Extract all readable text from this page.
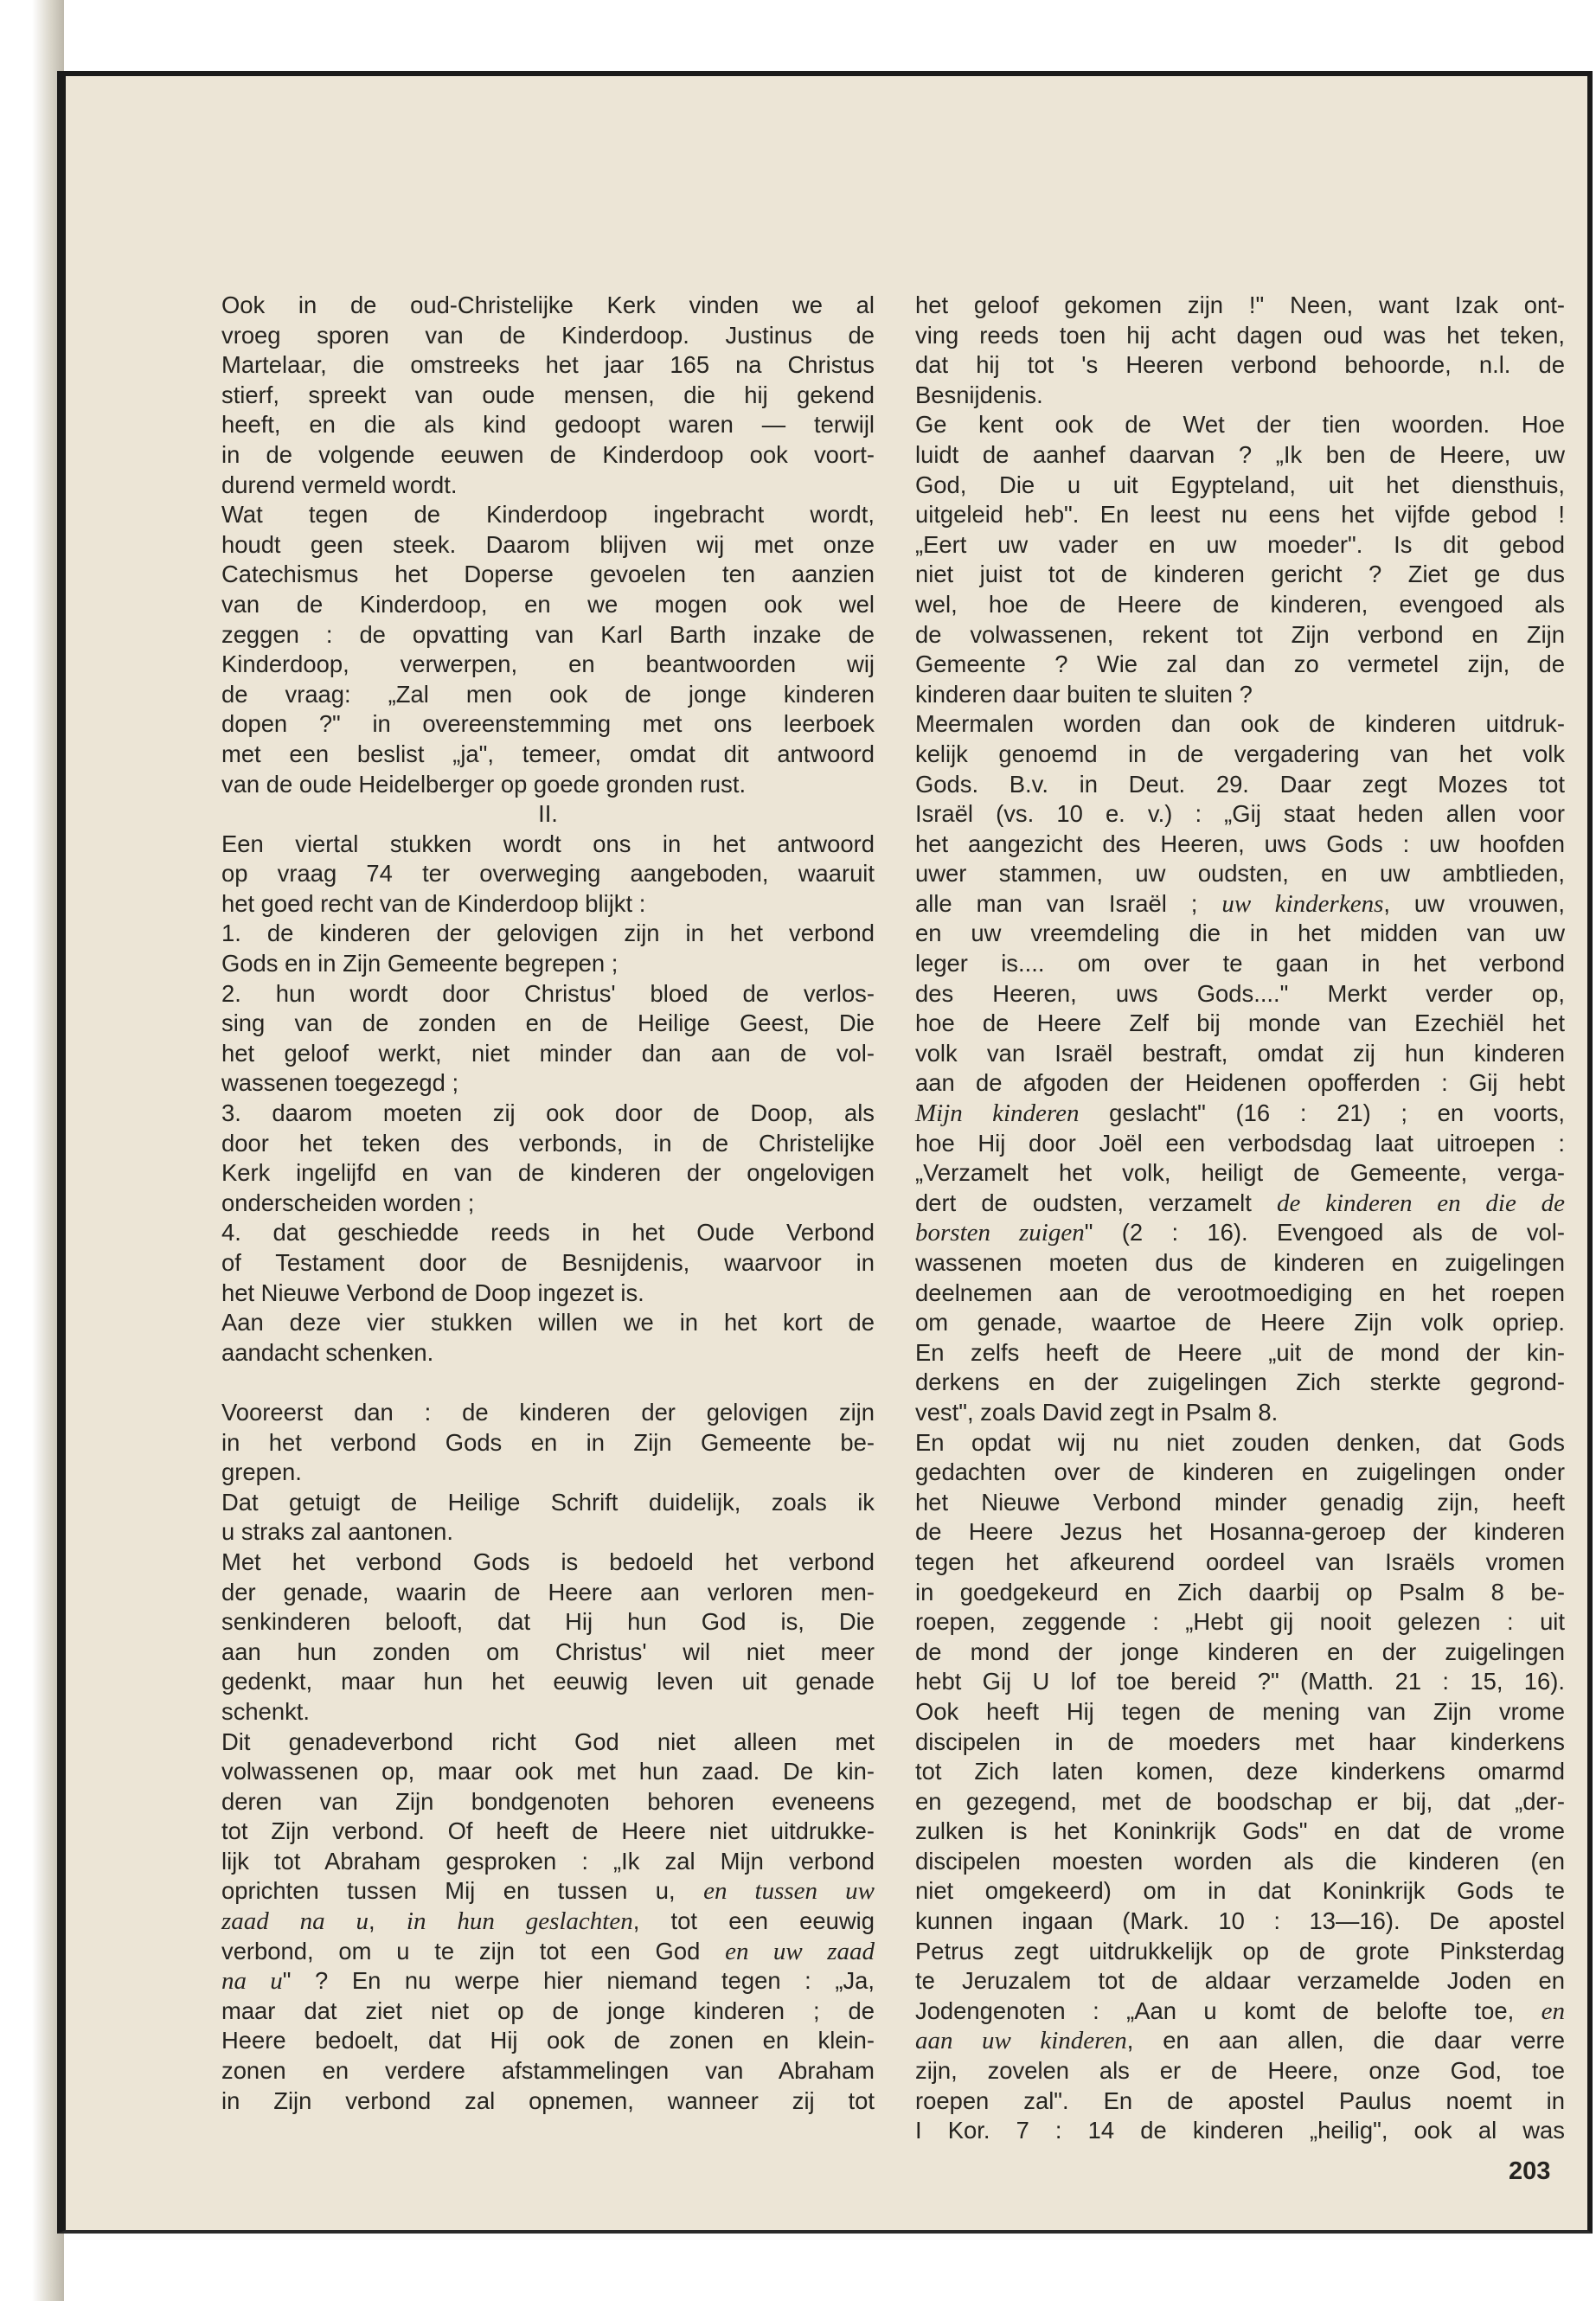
Ook in de oud-Christelijke Kerk vinden we al
vroeg sporen van de Kinderdoop. Justinus de
Martelaar, die omstreeks het jaar 165 na Christus
stierf, spreekt van oude mensen, die hij gekend
heeft, en die als kind gedoopt waren — terwijl
in de volgende eeuwen de Kinderdoop ook voort-
durend vermeld wordt.
Wat tegen de Kinderdoop ingebracht wordt,
houdt geen steek. Daarom blijven wij met onze
Catechismus het Doperse gevoelen ten aanzien
van de Kinderdoop, en we mogen ook wel
zeggen : de opvatting van Karl Barth inzake de
Kinderdoop, verwerpen, en beantwoorden wij
de vraag: „Zal men ook de jonge kinderen
dopen ?" in overeenstemming met ons leerboek
met een beslist „ja", temeer, omdat dit antwoord
van de oude Heidelberger op goede gronden rust.
II.
Een viertal stukken wordt ons in het antwoord
op vraag 74 ter overweging aangeboden, waaruit
het goed recht van de Kinderdoop blijkt :
1. de kinderen der gelovigen zijn in het verbond
Gods en in Zijn Gemeente begrepen ;
2. hun wordt door Christus' bloed de verlos-
sing van de zonden en de Heilige Geest, Die
het geloof werkt, niet minder dan aan de vol-
wassenen toegezegd ;
3. daarom moeten zij ook door de Doop, als
door het teken des verbonds, in de Christelijke
Kerk ingelijfd en van de kinderen der ongelovigen
onderscheiden worden ;
4. dat geschiedde reeds in het Oude Verbond
of Testament door de Besnijdenis, waarvoor in
het Nieuwe Verbond de Doop ingezet is.
Aan deze vier stukken willen we in het kort de
aandacht schenken.
Vooreerst dan : de kinderen der gelovigen zijn
in het verbond Gods en in Zijn Gemeente be-
grepen.
Dat getuigt de Heilige Schrift duidelijk, zoals ik
u straks zal aantonen.
Met het verbond Gods is bedoeld het verbond
der genade, waarin de Heere aan verloren men-
senkinderen belooft, dat Hij hun God is, Die
aan hun zonden om Christus' wil niet meer
gedenkt, maar hun het eeuwig leven uit genade
schenkt.
Dit genadeverbond richt God niet alleen met
volwassenen op, maar ook met hun zaad. De kin-
deren van Zijn bondgenoten behoren eveneens
tot Zijn verbond. Of heeft de Heere niet uitdrukke-
lijk tot Abraham gesproken : „Ik zal Mijn verbond
oprichten tussen Mij en tussen u, en tussen uw
zaad na u, in hun geslachten, tot een eeuwig
verbond, om u te zijn tot een God en uw zaad
na u" ? En nu werpe hier niemand tegen : „Ja,
maar dat ziet niet op de jonge kinderen ; de
Heere bedoelt, dat Hij ook de zonen en klein-
zonen en verdere afstammelingen van Abraham
in Zijn verbond zal opnemen, wanneer zij tot
het geloof gekomen zijn !" Neen, want Izak ont-
ving reeds toen hij acht dagen oud was het teken,
dat hij tot 's Heeren verbond behoorde, n.l. de
Besnijdenis.
Ge kent ook de Wet der tien woorden. Hoe
luidt de aanhef daarvan ? „Ik ben de Heere, uw
God, Die u uit Egypteland, uit het diensthuis,
uitgeleid heb". En leest nu eens het vijfde gebod !
„Eert uw vader en uw moeder". Is dit gebod
niet juist tot de kinderen gericht ? Ziet ge dus
wel, hoe de Heere de kinderen, evengoed als
de volwassenen, rekent tot Zijn verbond en Zijn
Gemeente ? Wie zal dan zo vermetel zijn, de
kinderen daar buiten te sluiten ?
Meermalen worden dan ook de kinderen uitdruk-
kelijk genoemd in de vergadering van het volk
Gods. B.v. in Deut. 29. Daar zegt Mozes tot
Israël (vs. 10 e. v.) : „Gij staat heden allen voor
het aangezicht des Heeren, uws Gods : uw hoofden
uwer stammen, uw oudsten, en uw ambtlieden,
alle man van Israël ; uw kinderkens, uw vrouwen,
en uw vreemdeling die in het midden van uw
leger is.... om over te gaan in het verbond
des Heeren, uws Gods...." Merkt verder op,
hoe de Heere Zelf bij monde van Ezechiël het
volk van Israël bestraft, omdat zij hun kinderen
aan de afgoden der Heidenen opofferden : Gij hebt
Mijn kinderen geslacht" (16 : 21) ; en voorts,
hoe Hij door Joël een verbodsdag laat uitroepen :
„Verzamelt het volk, heiligt de Gemeente, verga-
dert de oudsten, verzamelt de kinderen en die de
borsten zuigen" (2 : 16). Evengoed als de vol-
wassenen moeten dus de kinderen en zuigelingen
deelnemen aan de verootmoediging en het roepen
om genade, waartoe de Heere Zijn volk opriep.
En zelfs heeft de Heere „uit de mond der kin-
derkens en der zuigelingen Zich sterkte gegrond-
vest", zoals David zegt in Psalm 8.
En opdat wij nu niet zouden denken, dat Gods
gedachten over de kinderen en zuigelingen onder
het Nieuwe Verbond minder genadig zijn, heeft
de Heere Jezus het Hosanna-geroep der kinderen
tegen het afkeurend oordeel van Israëls vromen
in goedgekeurd en Zich daarbij op Psalm 8 be-
roepen, zeggende : „Hebt gij nooit gelezen : uit
de mond der jonge kinderen en der zuigelingen
hebt Gij U lof toe bereid ?" (Matth. 21 : 15, 16).
Ook heeft Hij tegen de mening van Zijn vrome
discipelen in de moeders met haar kinderkens
tot Zich laten komen, deze kinderkens omarmd
en gezegend, met de boodschap er bij, dat „der-
zulken is het Koninkrijk Gods" en dat de vrome
discipelen moesten worden als die kinderen (en
niet omgekeerd) om in dat Koninkrijk Gods te
kunnen ingaan (Mark. 10 : 13—16). De apostel
Petrus zegt uitdrukkelijk op de grote Pinksterdag
te Jeruzalem tot de aldaar verzamelde Joden en
Jodengenoten : „Aan u komt de belofte toe, en
aan uw kinderen, en aan allen, die daar verre
zijn, zovelen als er de Heere, onze God, toe
roepen zal". En de apostel Paulus noemt in
I Kor. 7 : 14 de kinderen „heilig", ook al was
203
